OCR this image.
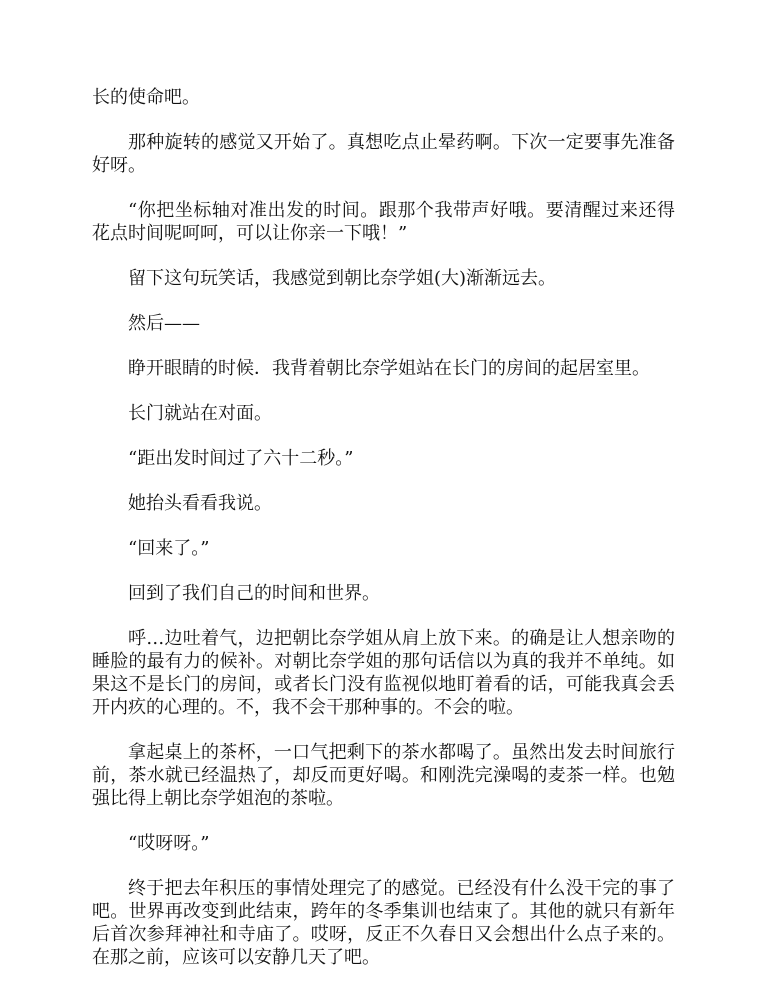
长的使命吧。

那种旋转的感觉又开始了。真想吃点止晕药啊。下次一定要事先准备好呀。

“你把坐标轴对准出发的时间。跟那个我带声好哦。要清醒过来还得花点时间呢呵呵，可以让你亲一下哦！”

留下这句玩笑话，我感觉到朝比奈学姐(大)渐渐远去。

然后——

睁开眼睛的时候．我背着朝比奈学姐站在长门的房间的起居室里。

长门就站在对面。

“距出发时间过了六十二秒。”

她抬头看看我说。

“回来了。”

回到了我们自己的时间和世界。

呼…边吐着气，边把朝比奈学姐从肩上放下来。的确是让人想亲吻的睡脸的最有力的候补。对朝比奈学姐的那句话信以为真的我并不单纯。如果这不是长门的房间，或者长门没有监视似地盯着看的话，可能我真会丢开内疚的心理的。不，我不会干那种事的。不会的啦。

拿起桌上的茶杯，一口气把剩下的茶水都喝了。虽然出发去时间旅行前，茶水就已经温热了，却反而更好喝。和刚洗完澡喝的麦茶一样。也勉强比得上朝比奈学姐泡的茶啦。

“哎呀呀。”

终于把去年积压的事情处理完了的感觉。已经没有什么没干完的事了吧。世界再改变到此结束，跨年的冬季集训也结束了。其他的就只有新年后首次参拜神社和寺庙了。哎呀，反正不久春日又会想出什么点子来的。在那之前，应该可以安静几天了吧。
